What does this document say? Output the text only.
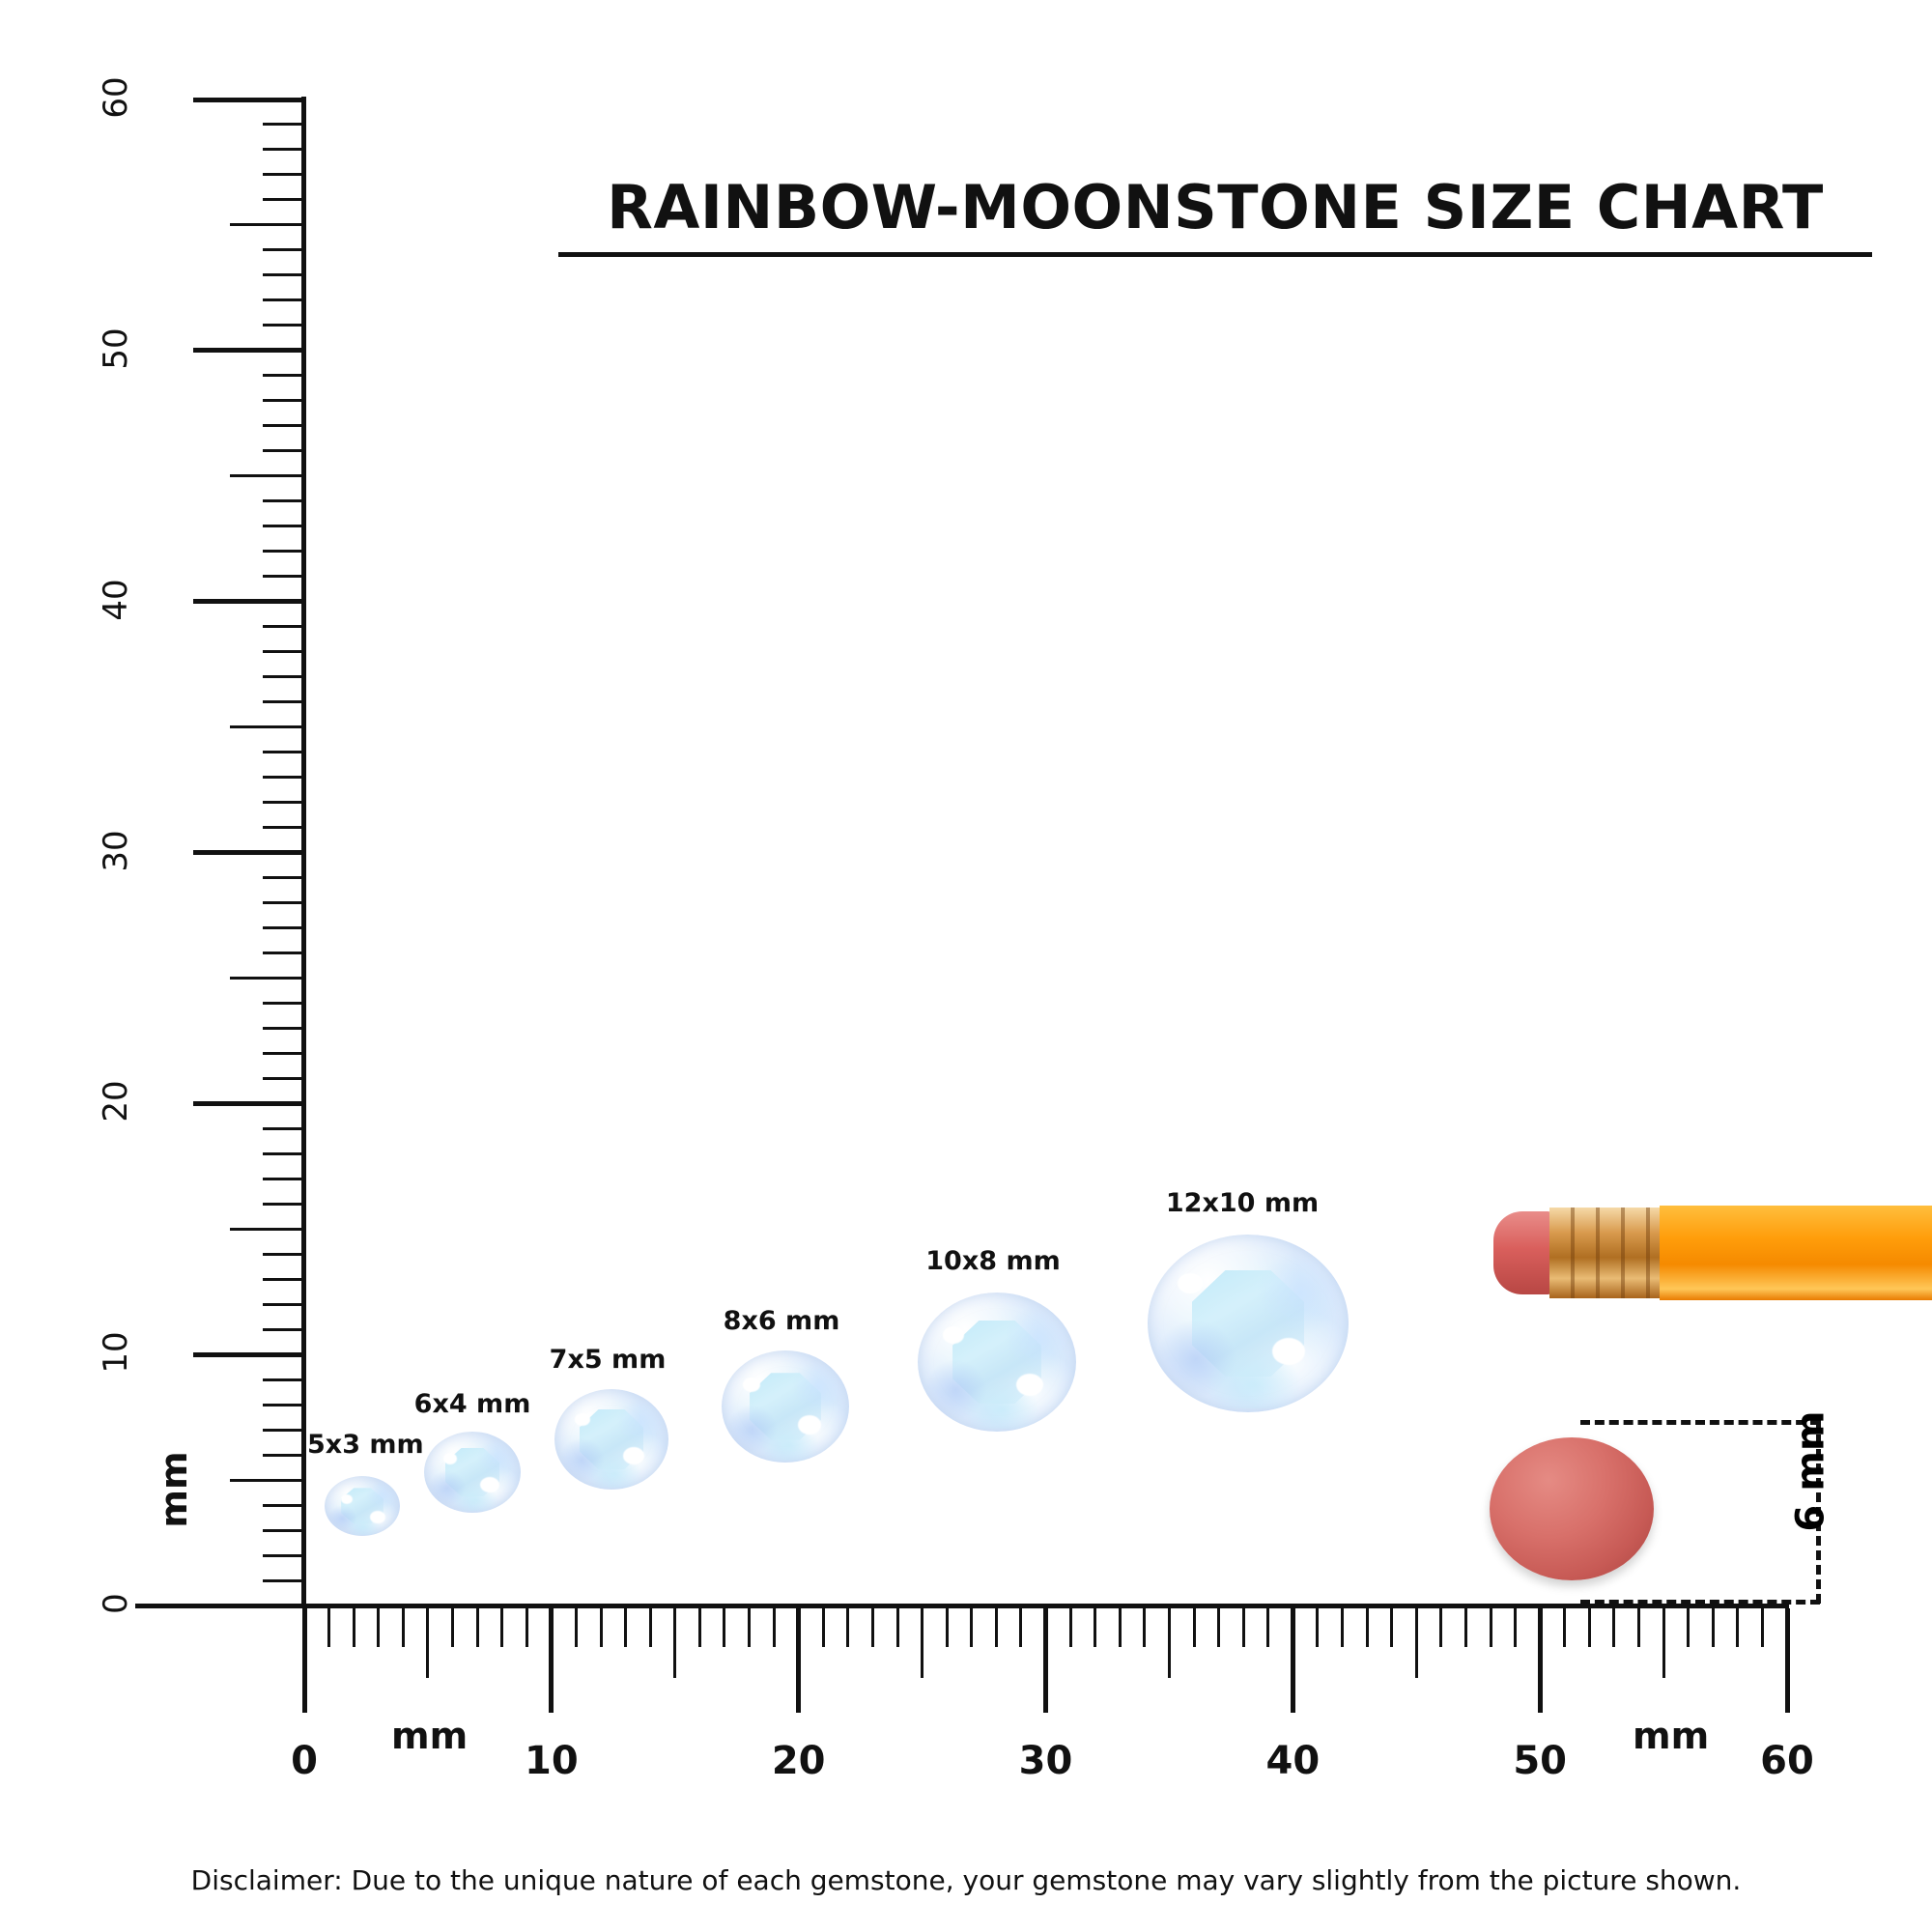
RAINBOW-MOONSTONE SIZE CHART
0
10
20
30
40
50
60
mm
0	10	20	30	40	50	60
mm	mm
5x3 mm
6x4 mm
7x5 mm
8x6 mm
10x8 mm
12x10 mm
6 mm
Disclaimer: Due to the unique nature of each gemstone, your gemstone may vary slightly from the picture shown.
